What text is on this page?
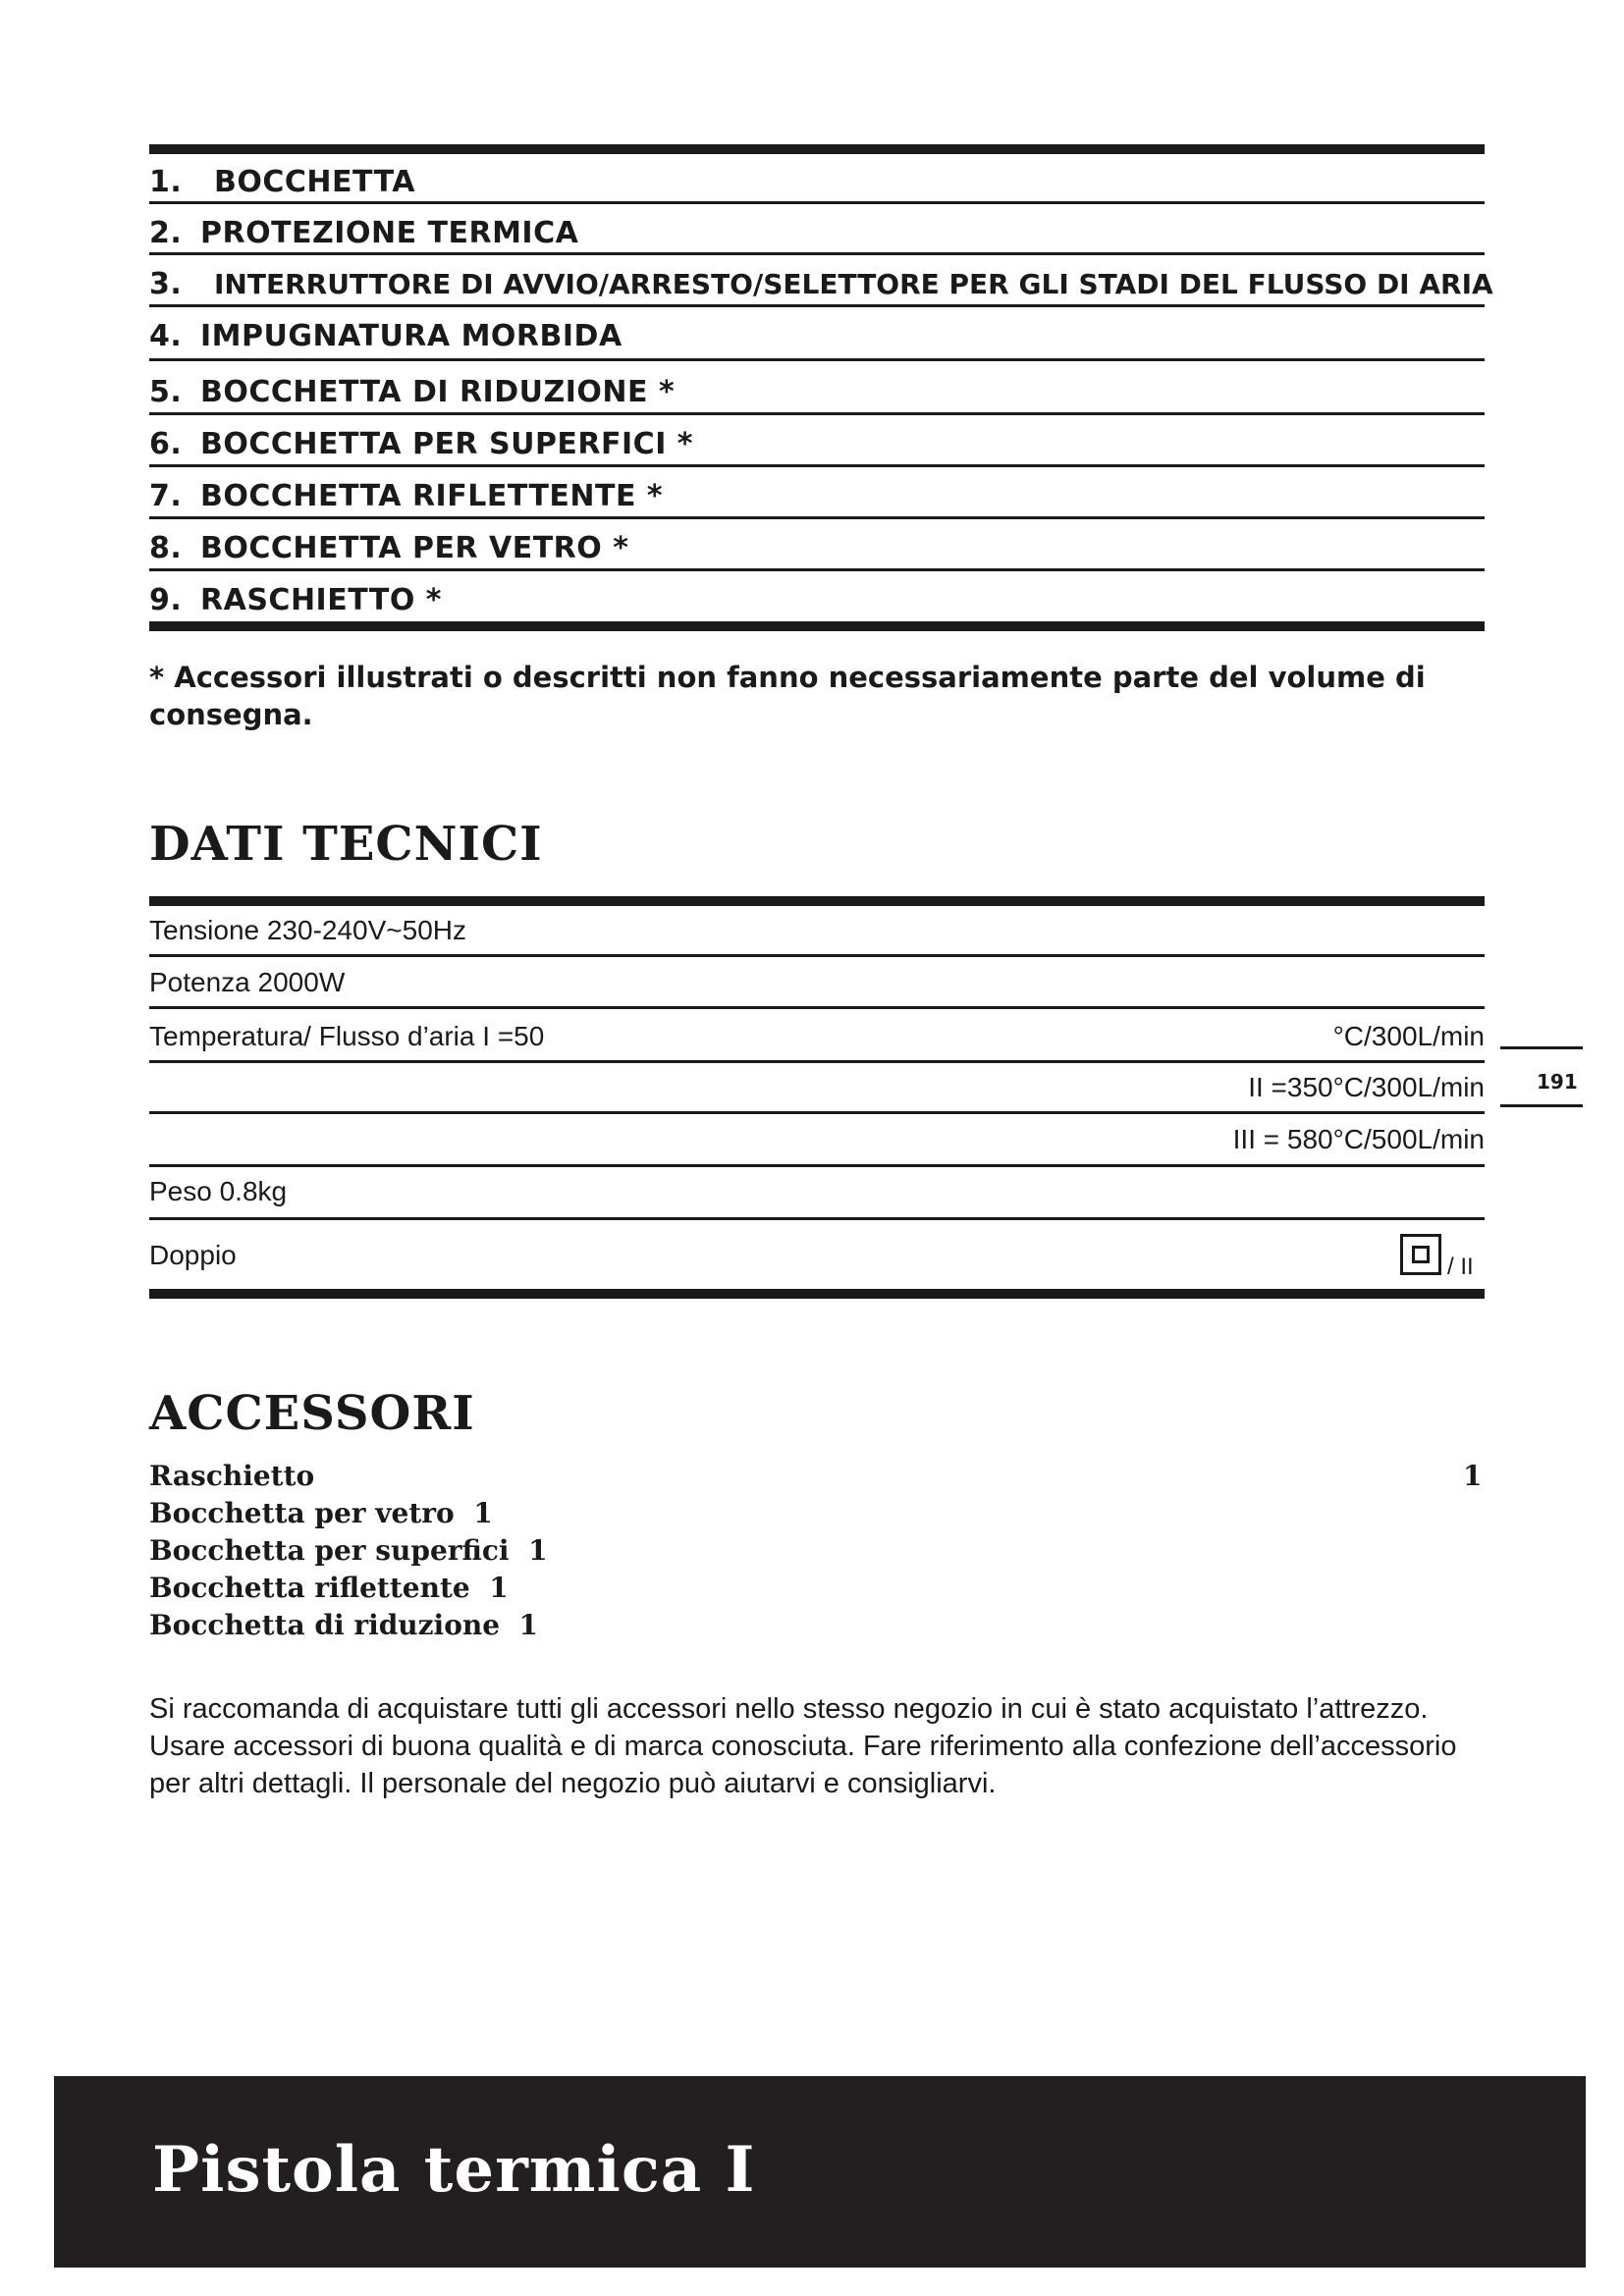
1. BOCCHETTA
2. PROTEZIONE TERMICA
3. INTERRUTTORE DI AVVIO/ARRESTO/SELETTORE PER GLI STADI DEL FLUSSO DI ARIA
4. IMPUGNATURA MORBIDA
5. BOCCHETTA DI RIDUZIONE *
6. BOCCHETTA PER SUPERFICI *
7. BOCCHETTA RIFLETTENTE *
8. BOCCHETTA PER VETRO *
9. RASCHIETTO *
* Accessori illustrati o descritti non fanno necessariamente parte del volume di consegna.
DATI TECNICI
Tensione 230-240V~50Hz
Potenza 2000W
Temperatura/ Flusso d’aria I =50	°C/300L/min
II =350°C/300L/min
III = 580°C/500L/min
Peso 0.8kg
Doppio	/ II
191
ACCESSORI
Raschietto	1
Bocchetta per vetro 1
Bocchetta per superfici 1
Bocchetta riflettente 1
Bocchetta di riduzione 1
Si raccomanda di acquistare tutti gli accessori nello stesso negozio in cui è stato acquistato l’attrezzo. Usare accessori di buona qualità e di marca conosciuta. Fare riferimento alla confezione dell’accessorio per altri dettagli. Il personale del negozio può aiutarvi e consigliarvi.
Pistola termica I
